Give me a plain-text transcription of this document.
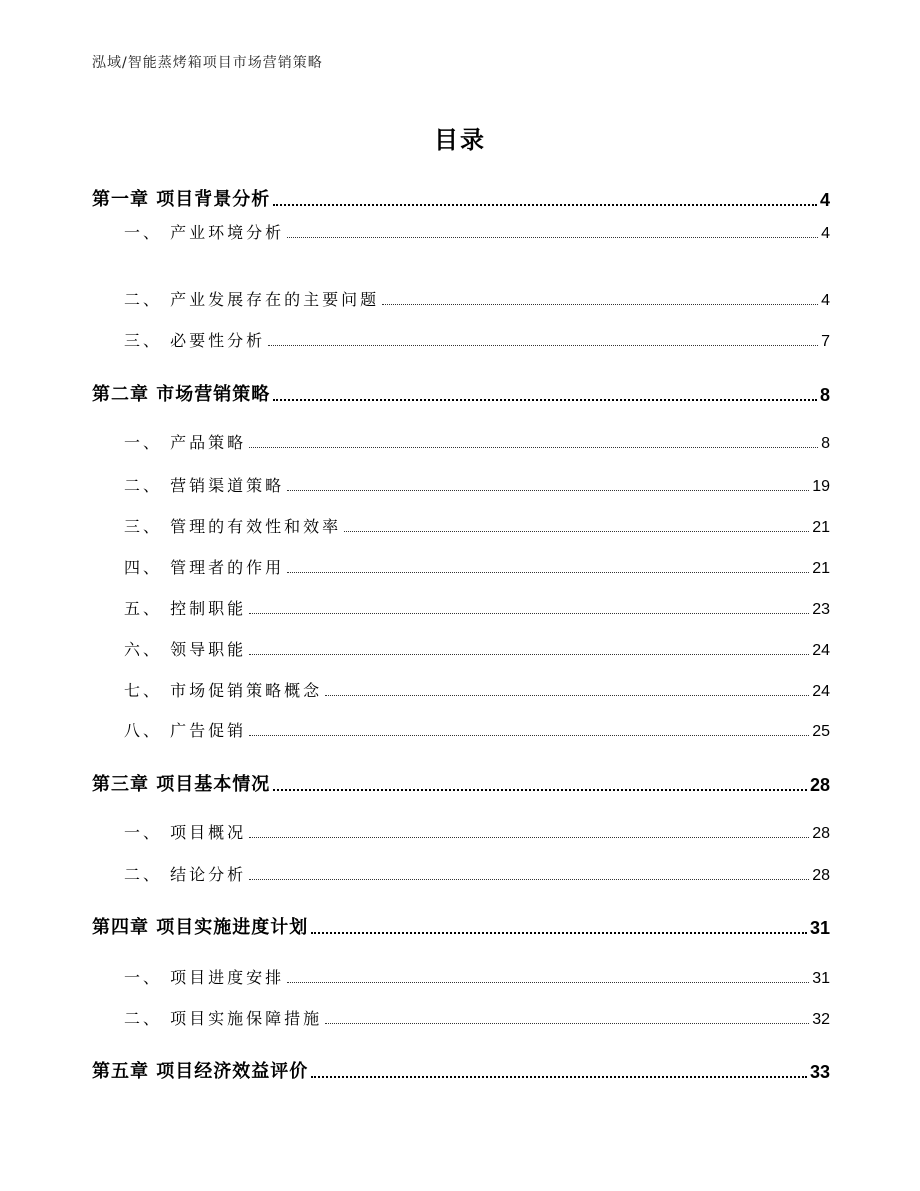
泓域/智能蒸烤箱项目市场营销策略
目录
第一章 项目背景分析	4
一、 产业环境分析	4
二、 产业发展存在的主要问题	4
三、 必要性分析	7
第二章 市场营销策略	8
一、 产品策略	8
二、 营销渠道策略	19
三、 管理的有效性和效率	21
四、 管理者的作用	21
五、 控制职能	23
六、 领导职能	24
七、 市场促销策略概念	24
八、 广告促销	25
第三章 项目基本情况	28
一、 项目概况	28
二、 结论分析	28
第四章 项目实施进度计划	31
一、 项目进度安排	31
二、 项目实施保障措施	32
第五章 项目经济效益评价	33
